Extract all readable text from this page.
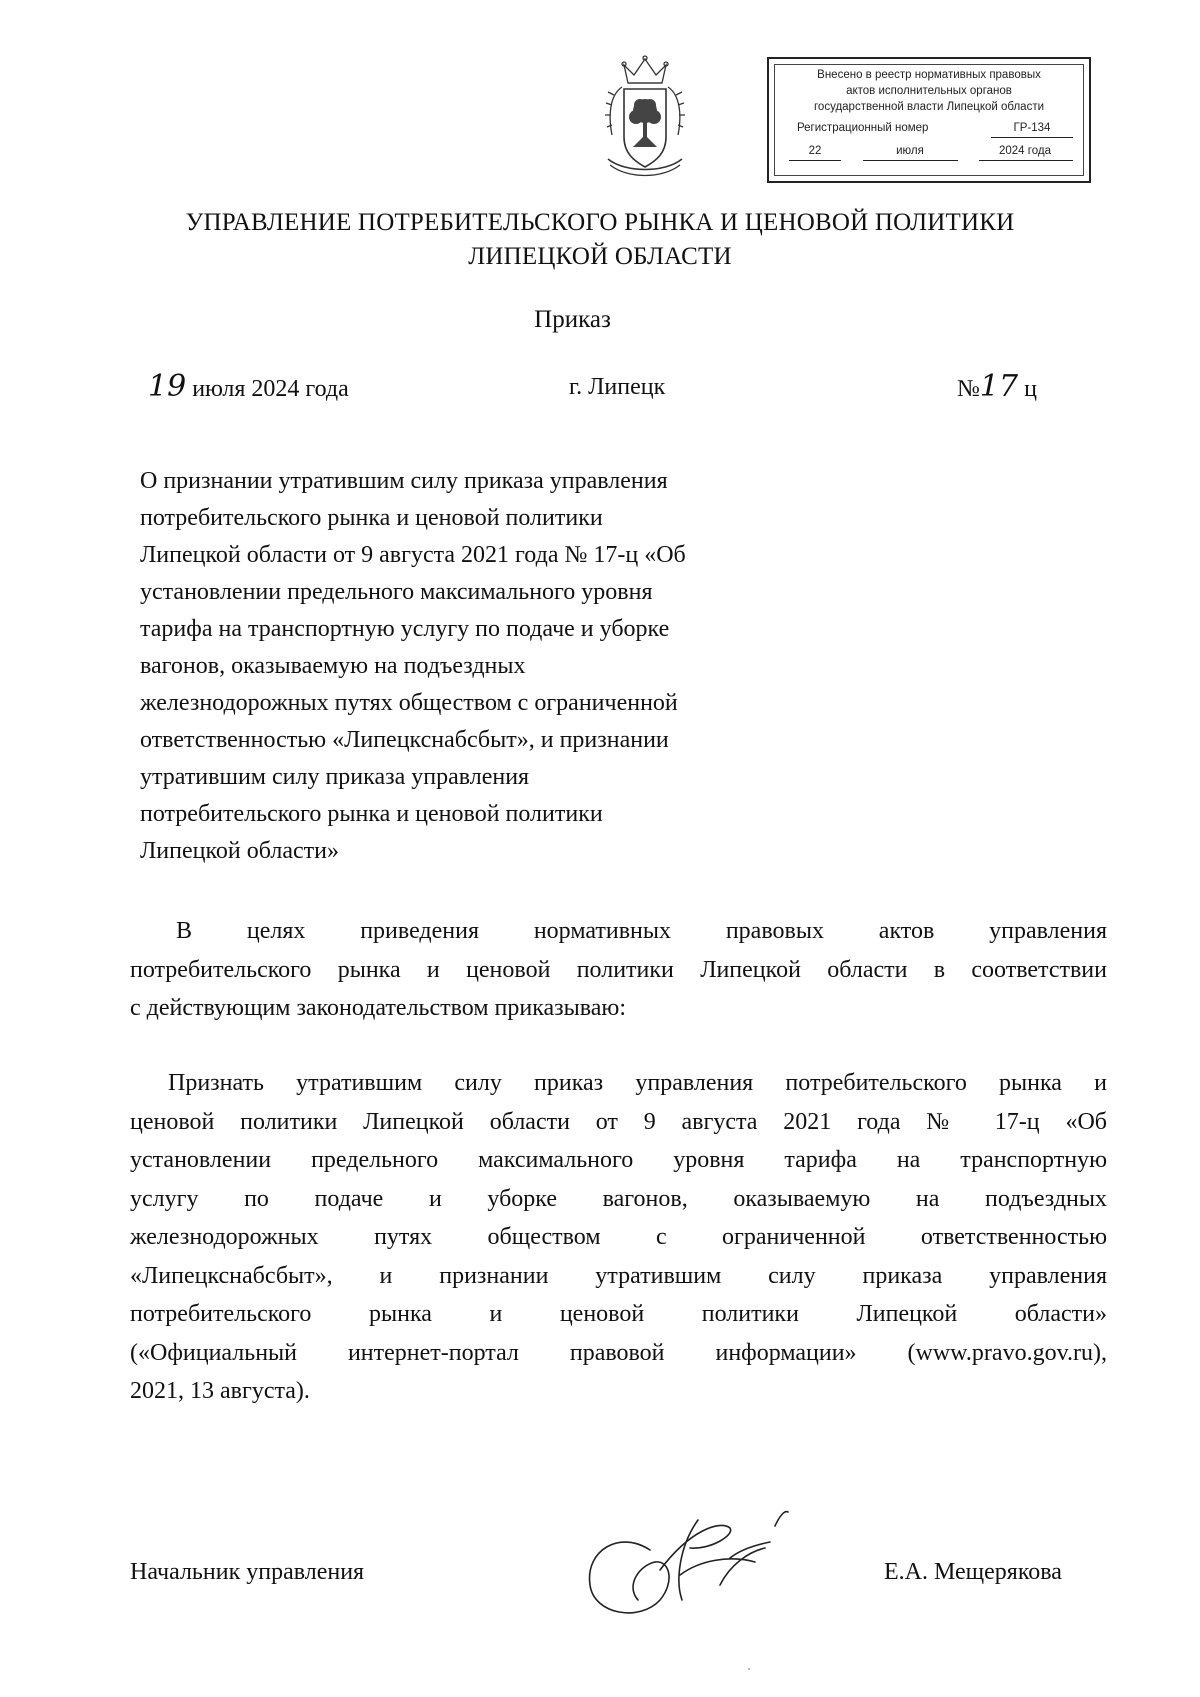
Внесено в реестр нормативных правовых
актов исполнительных органов
государственной власти Липецкой области
Регистрационный номер	ГР-134
22	июля	2024 года
УПРАВЛЕНИЕ ПОТРЕБИТЕЛЬСКОГО РЫНКА И ЦЕНОВОЙ ПОЛИТИКИ
ЛИПЕЦКОЙ ОБЛАСТИ
Приказ
19 июля 2024 года	г. Липецк	№17 ц
О признании утратившим силу приказа управления
потребительского рынка и ценовой политики
Липецкой области от 9 августа 2021 года № 17-ц «Об
установлении предельного максимального уровня
тарифа на транспортную услугу по подаче и уборке
вагонов, оказываемую на подъездных
железнодорожных путях обществом с ограниченной
ответственностью «Липецкснабсбыт», и признании
утратившим силу приказа управления
потребительского рынка и ценовой политики
Липецкой области»
В целях приведения нормативных правовых актов управления
потребительского рынка и ценовой политики Липецкой области в соответствии
с действующим законодательством приказываю:
Признать утратившим силу приказ управления потребительского рынка и
ценовой политики Липецкой области от 9 августа 2021 года № 17-ц «Об
установлении предельного максимального уровня тарифа на транспортную
услугу по подаче и уборке вагонов, оказываемую на подъездных
железнодорожных путях обществом с ограниченной ответственностью
«Липецкснабсбыт», и признании утратившим силу приказа управления
потребительского рынка и ценовой политики Липецкой области»
(«Официальный интернет-портал правовой информации» (www.pravo.gov.ru),
2021, 13 августа).
Начальник управления	Е.А. Мещерякова
